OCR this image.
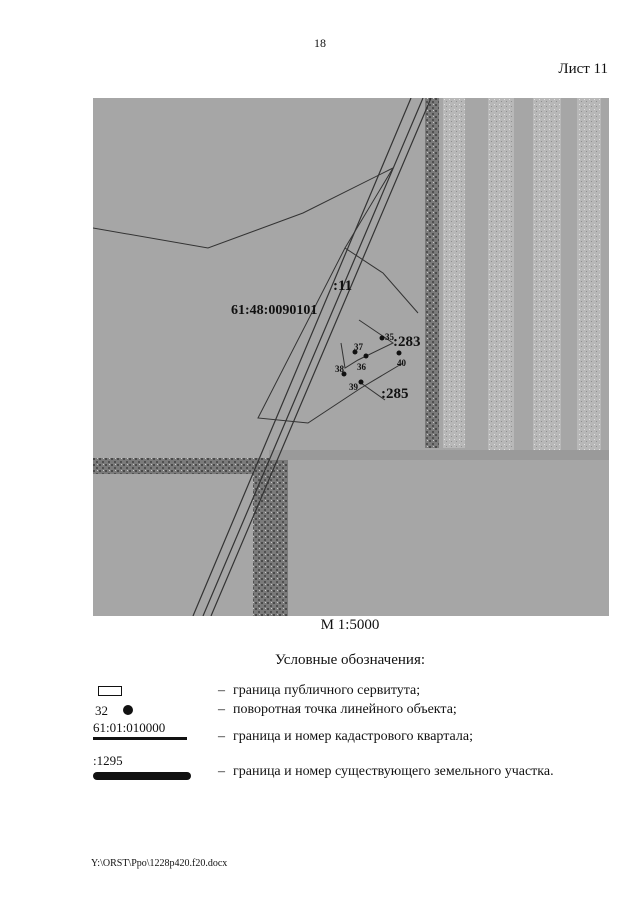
18
Лист 11
61:48:0090101
:11
:283
:285
35
36
37
38
39
40
М 1:5000
Условные обозначения:
– граница публичного сервитута;
32	– поворотная точка линейного объекта;
61:01:010000
– граница и номер кадастрового квартала;
:1295
– граница и номер существующего земельного участка.
Y:\ORST\Ppo\1228p420.f20.docx
